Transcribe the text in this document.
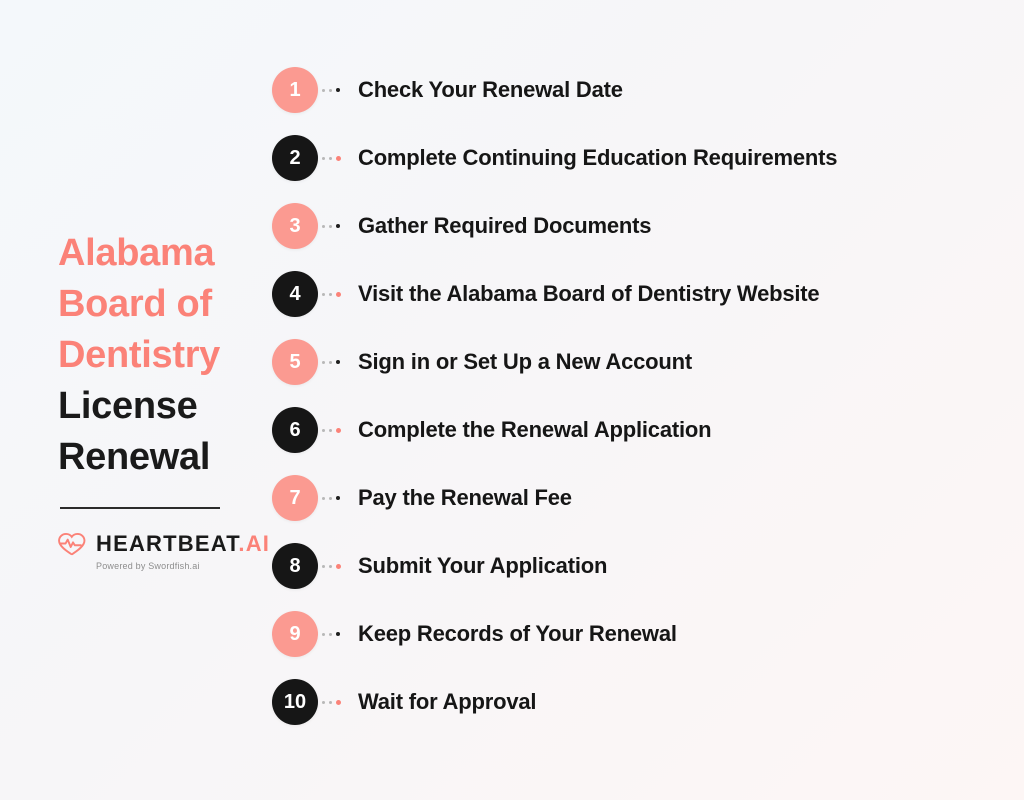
Alabama
Board of
Dentistry
License
Renewal
HEARTBEAT.AI
Powered by Swordfish.ai
1	Check Your Renewal Date
2	Complete Continuing Education Requirements
3	Gather Required Documents
4	Visit the Alabama Board of Dentistry Website
5	Sign in or Set Up a New Account
6	Complete the Renewal Application
7	Pay the Renewal Fee
8	Submit Your Application
9	Keep Records of Your Renewal
10	Wait for Approval
